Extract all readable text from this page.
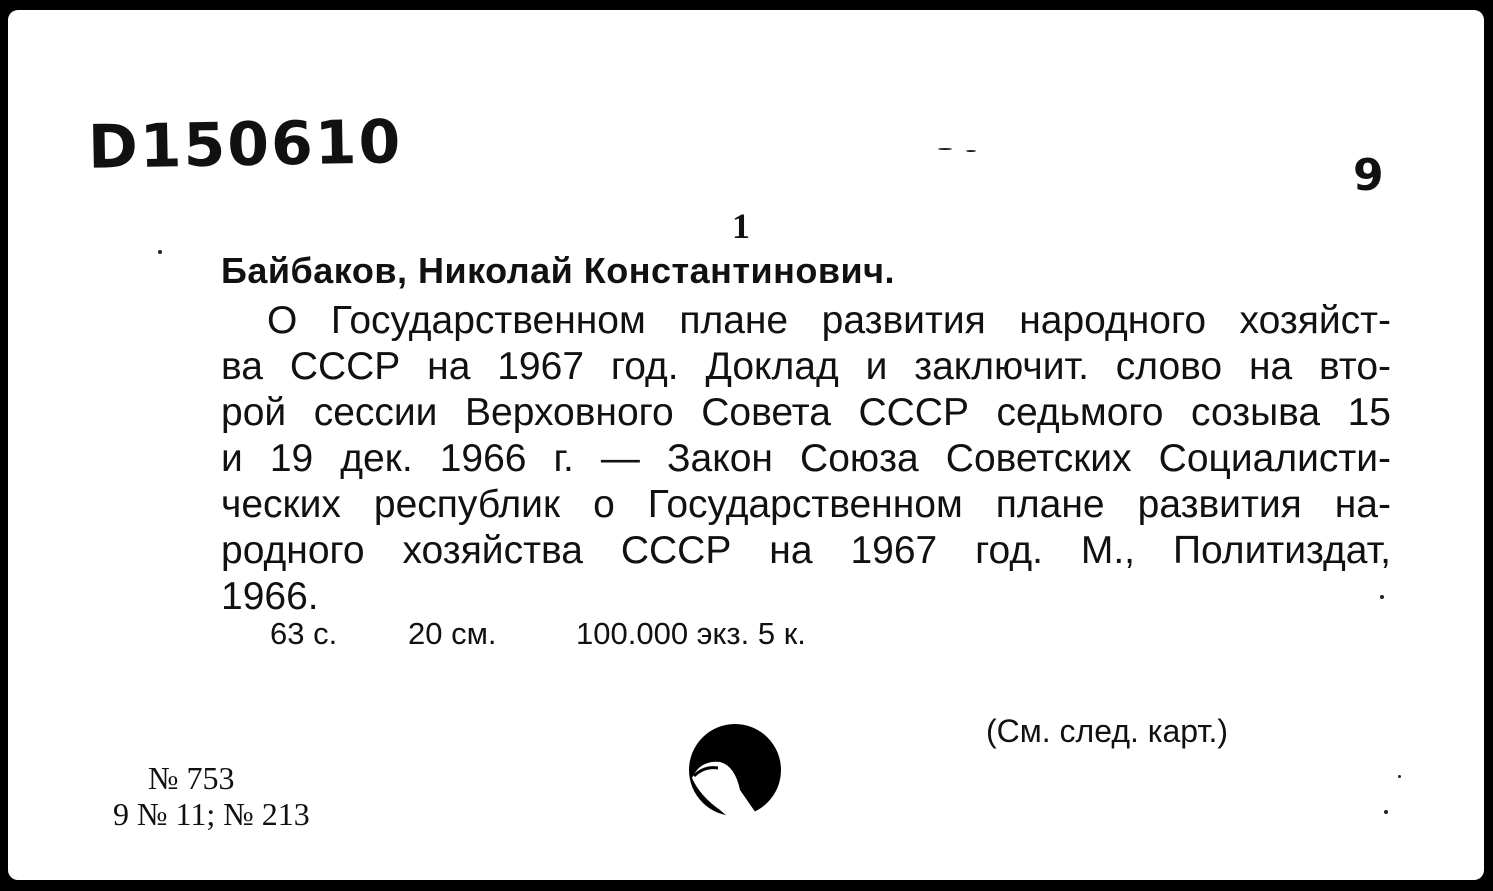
D150610	9
1
Байбаков, Николай Константинович.
О Государственном плане развития народного хозяйст-
ва СССР на 1967 год. Доклад и заключит. слово на вто-
рой сессии Верховного Совета СССР седьмого созыва 15
и 19 дек. 1966 г. — Закон Союза Советских Социалисти-
ческих республик о Государственном плане развития на-
родного хозяйства СССР на 1967 год. М., Политиздат,
1966.
63 с. 20 см.	100.000 экз. 5 к.
(См. след. карт.)
№ 753
9 № 11; № 213
